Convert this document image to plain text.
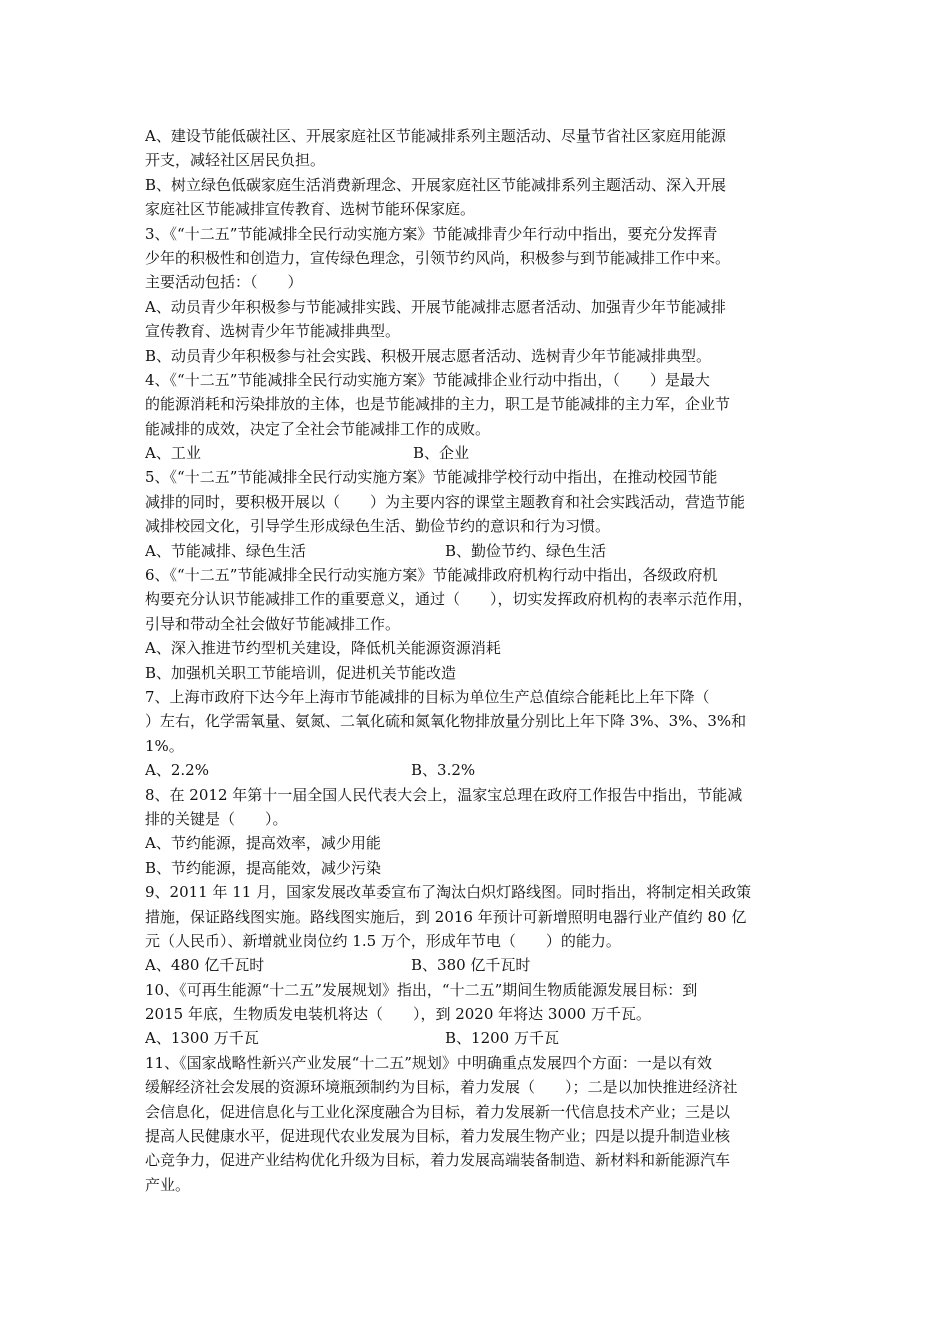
A、建设节能低碳社区、开展家庭社区节能减排系列主题活动、尽量节省社区家庭用能源
开支，减轻社区居民负担。
B、树立绿色低碳家庭生活消费新理念、开展家庭社区节能减排系列主题活动、深入开展
家庭社区节能减排宣传教育、选树节能环保家庭。
3、《“十二五”节能减排全民行动实施方案》节能减排青少年行动中指出，要充分发挥青
少年的积极性和创造力，宣传绿色理念，引领节约风尚，积极参与到节能减排工作中来。
主要活动包括：（　　）
A、动员青少年积极参与节能减排实践、开展节能减排志愿者活动、加强青少年节能减排
宣传教育、选树青少年节能减排典型。
B、动员青少年积极参与社会实践、积极开展志愿者活动、选树青少年节能减排典型。
4、《“十二五”节能减排全民行动实施方案》节能减排企业行动中指出，（　　）是最大
的能源消耗和污染排放的主体，也是节能减排的主力，职工是节能减排的主力军，企业节
能减排的成效，决定了全社会节能减排工作的成败。
A、工业	B、企业
5、《“十二五”节能减排全民行动实施方案》节能减排学校行动中指出，在推动校园节能
减排的同时，要积极开展以（　　）为主要内容的课堂主题教育和社会实践活动，营造节能
减排校园文化，引导学生形成绿色生活、勤俭节约的意识和行为习惯。
A、节能减排、绿色生活	B、勤俭节约、绿色生活
6、《“十二五”节能减排全民行动实施方案》节能减排政府机构行动中指出，各级政府机
构要充分认识节能减排工作的重要意义，通过（　　），切实发挥政府机构的表率示范作用，
引导和带动全社会做好节能减排工作。
A、深入推进节约型机关建设，降低机关能源资源消耗
B、加强机关职工节能培训，促进机关节能改造
7、上海市政府下达今年上海市节能减排的目标为单位生产总值综合能耗比上年下降（
）左右，化学需氧量、氨氮、二氧化硫和氮氧化物排放量分别比上年下降 3%、3%、3%和
1%。
A、2.2%	B、3.2%
8、在 2012 年第十一届全国人民代表大会上，温家宝总理在政府工作报告中指出，节能减
排的关键是（　　）。
A、节约能源，提高效率，减少用能
B、节约能源，提高能效，减少污染
9、2011 年 11 月，国家发展改革委宣布了淘汰白炽灯路线图。同时指出，将制定相关政策
措施，保证路线图实施。路线图实施后，到 2016 年预计可新增照明电器行业产值约 80 亿
元（人民币）、新增就业岗位约 1.5 万个，形成年节电（　　）的能力。
A、480 亿千瓦时	B、380 亿千瓦时
10、《可再生能源“十二五”发展规划》指出，“十二五”期间生物质能源发展目标：到
2015 年底，生物质发电装机将达（　　），到 2020 年将达 3000 万千瓦。
A、1300 万千瓦	B、1200 万千瓦
11、《国家战略性新兴产业发展“十二五”规划》中明确重点发展四个方面：一是以有效
缓解经济社会发展的资源环境瓶颈制约为目标，着力发展（　　）；二是以加快推进经济社
会信息化，促进信息化与工业化深度融合为目标，着力发展新一代信息技术产业；三是以
提高人民健康水平，促进现代农业发展为目标，着力发展生物产业；四是以提升制造业核
心竞争力，促进产业结构优化升级为目标，着力发展高端装备制造、新材料和新能源汽车
产业。
